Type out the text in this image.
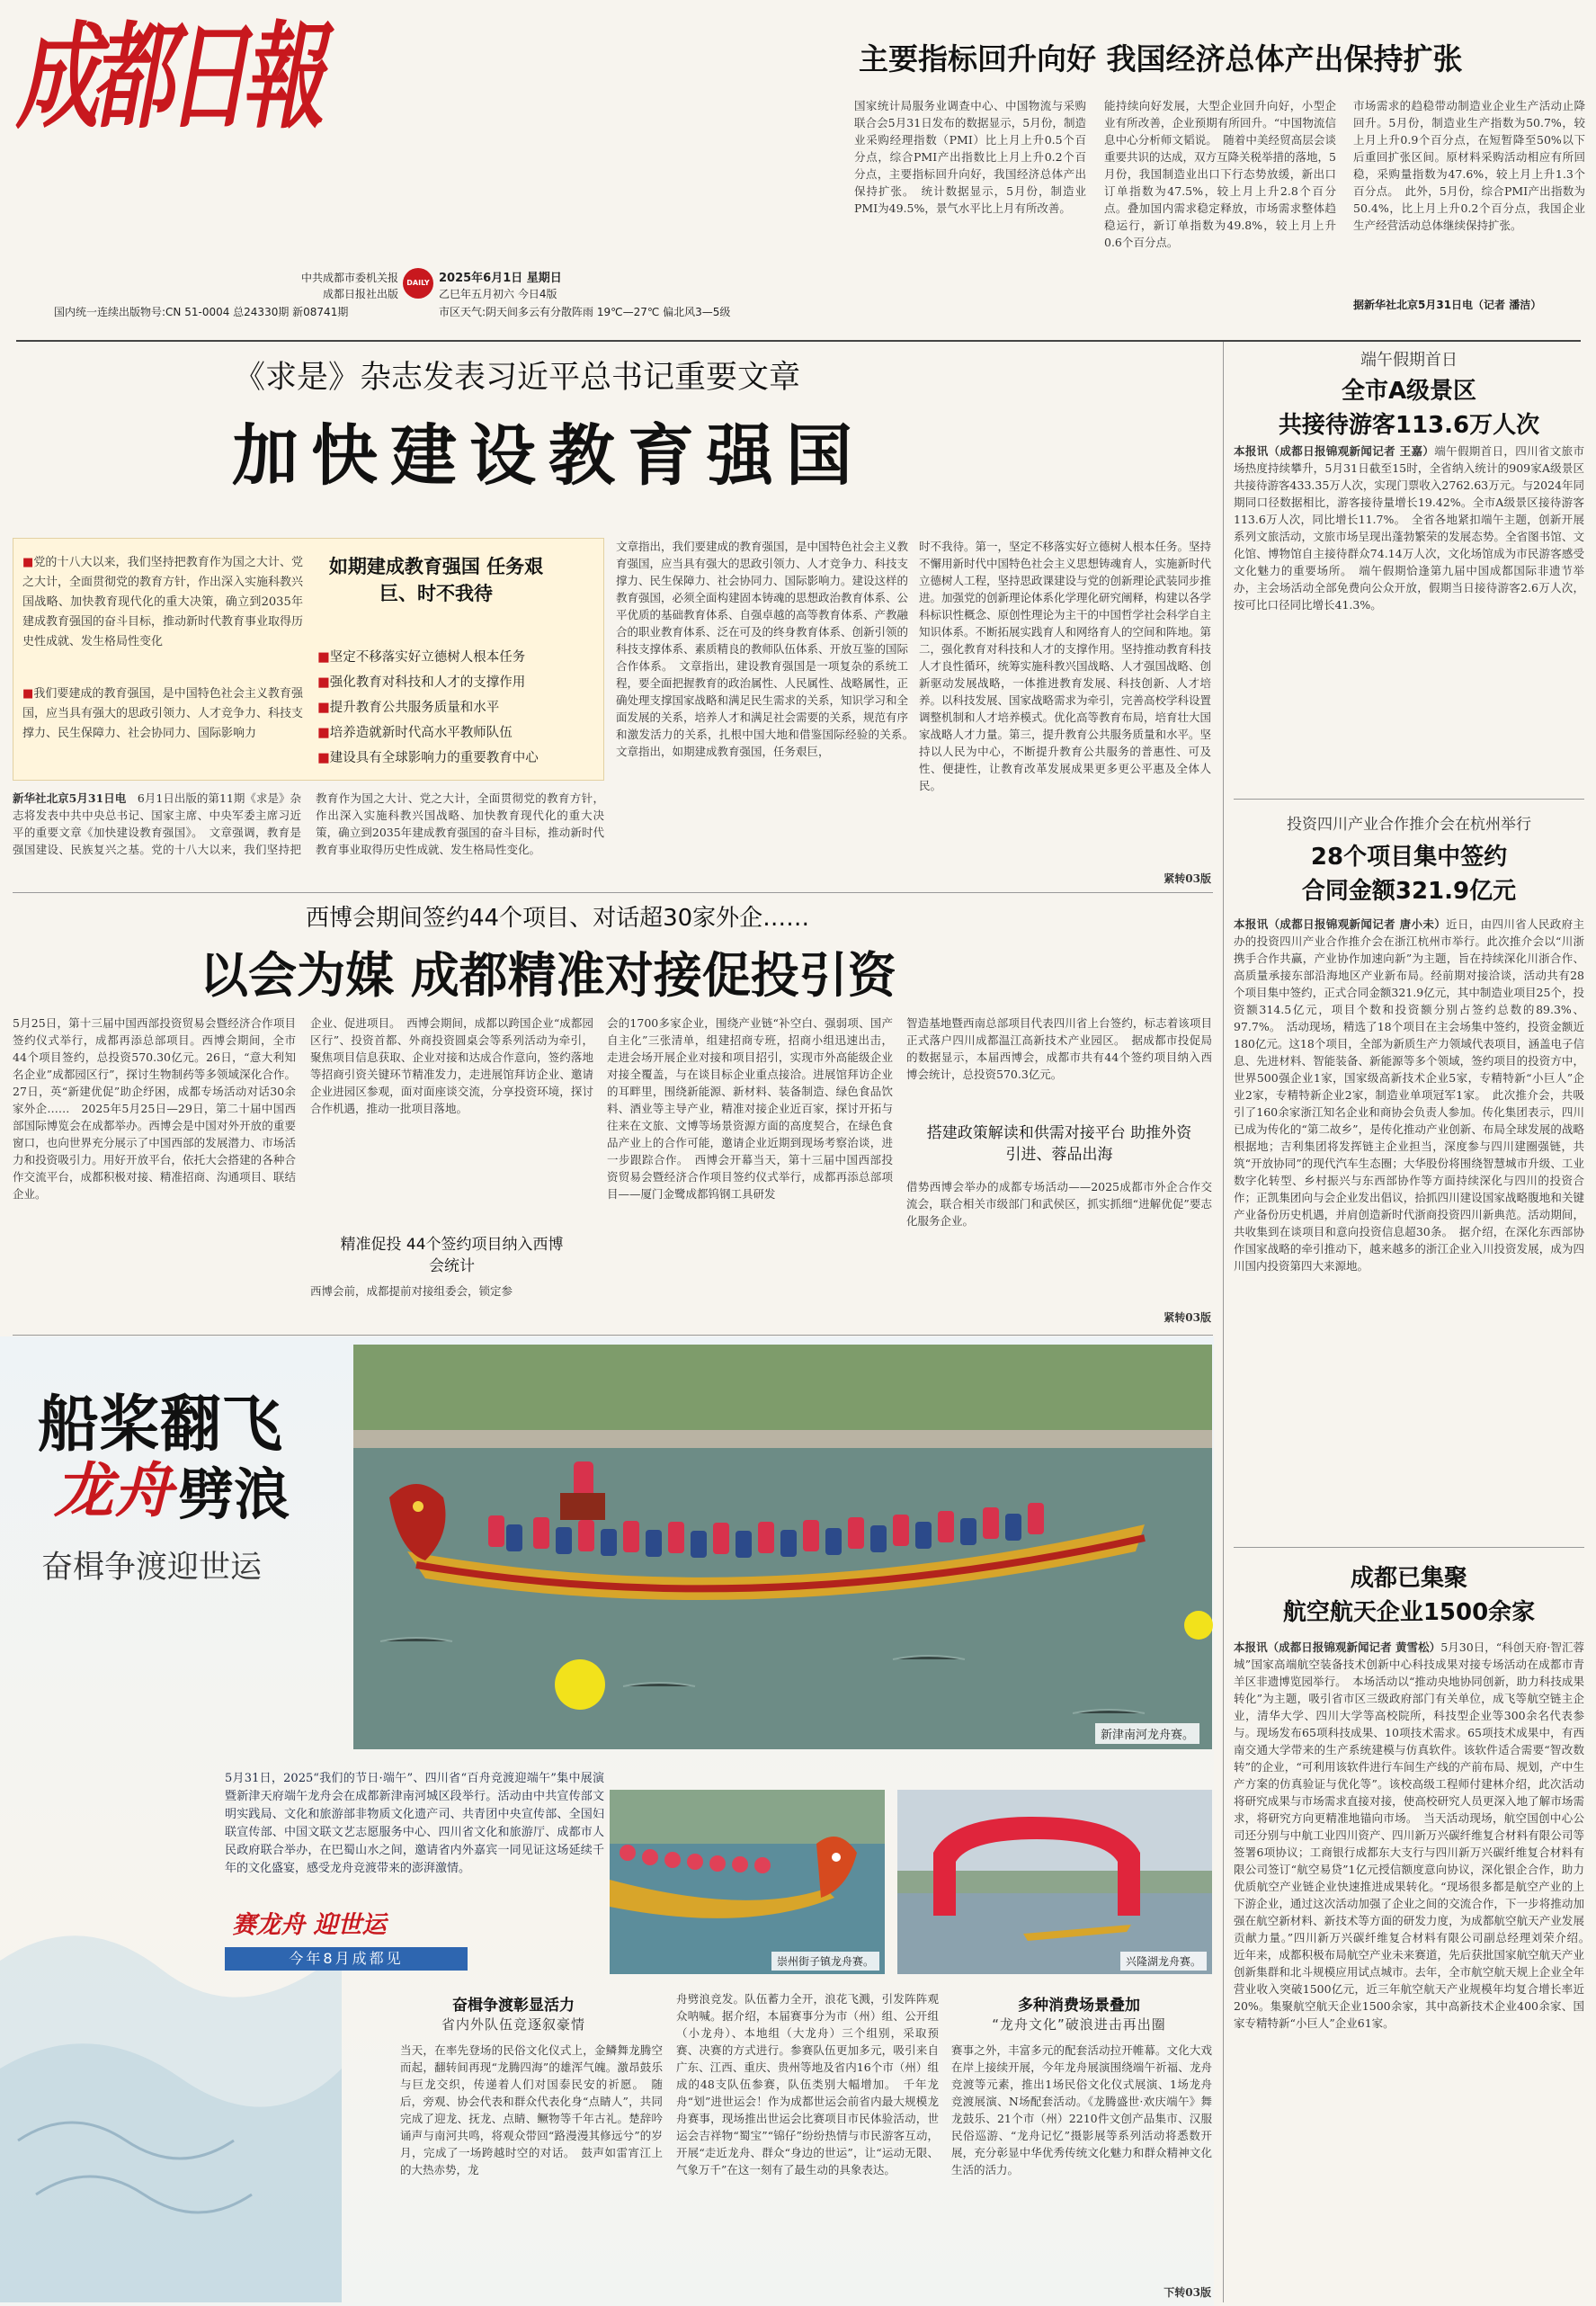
成都日報
中共成都市委机关报
成都日报社出版
DAILY 2025年6月1日 星期日
乙巳年五月初六 今日4版
国内统一连续出版物号:CN 51-0004 总24330期 新08741期	市区天气:阴天间多云有分散阵雨 19℃—27℃ 偏北风3—5级
主要指标回升向好 我国经济总体产出保持扩张
国家统计局服务业调查中心、中国物流与采购联合会5月31日发布的数据显示，5月份，制造业采购经理指数（PMI）比上月上升0.5个百分点，综合PMI产出指数比上月上升0.2个百分点，主要指标回升向好，我国经济总体产出保持扩张。　统计数据显示，5月份，制造业PMI为49.5%，景气水平比上月有所改善。
能持续向好发展，大型企业回升向好，小型企业有所改善，企业预期有所回升。“中国物流信息中心分析师文韬说。　随着中美经贸高层会谈重要共识的达成，双方互降关税举措的落地，5月份，我国制造业出口下行态势放缓，新出口订单指数为47.5%，较上月上升2.8个百分点。叠加国内需求稳定释放，市场需求整体趋稳运行，新订单指数为49.8%，较上月上升0.6个百分点。
市场需求的趋稳带动制造业企业生产活动止降回升。5月份，制造业生产指数为50.7%，较上月上升0.9个百分点，在短暂降至50%以下后重回扩张区间。原材料采购活动相应有所回稳，采购量指数为47.6%，较上月上升1.3个百分点。　此外，5月份，综合PMI产出指数为50.4%，比上月上升0.2个百分点，我国企业生产经营活动总体继续保持扩张。
据新华社北京5月31日电（记者 潘洁）
《求是》杂志发表习近平总书记重要文章
加快建设教育强国
■党的十八大以来，我们坚持把教育作为国之大计、党之大计，全面贯彻党的教育方针，作出深入实施科教兴国战略、加快教育现代化的重大决策，确立到2035年建成教育强国的奋斗目标，推动新时代教育事业取得历史性成就、发生格局性变化
■我们要建成的教育强国，是中国特色社会主义教育强国，应当具有强大的思政引领力、人才竞争力、科技支撑力、民生保障力、社会协同力、国际影响力
如期建成教育强国 任务艰巨、时不我待
■坚定不移落实好立德树人根本任务
■强化教育对科技和人才的支撑作用
■提升教育公共服务质量和水平
■培养造就新时代高水平教师队伍
■建设具有全球影响力的重要教育中心
新华社北京5月31日电　 6月1日出版的第11期《求是》杂志将发表中共中央总书记、国家主席、中央军委主席习近平的重要文章《加快建设教育强国》。　文章强调，教育是强国建设、民族复兴之基。党的十八大以来，我们坚持把教育作为国之大计、党之大计，全面贯彻党的教育方针，作出深入实施科教兴国战略、加快教育现代化的重大决策，确立到2035年建成教育强国的奋斗目标，推动新时代教育事业取得历史性成就、发生格局性变化。
文章指出，我们要建成的教育强国，是中国特色社会主义教育强国，应当具有强大的思政引领力、人才竞争力、科技支撑力、民生保障力、社会协同力、国际影响力。建设这样的教育强国，必须全面构建固本铸魂的思想政治教育体系、公平优质的基础教育体系、自强卓越的高等教育体系、产教融合的职业教育体系、泛在可及的终身教育体系、创新引领的科技支撑体系、素质精良的教师队伍体系、开放互鉴的国际合作体系。　文章指出，建设教育强国是一项复杂的系统工程，要全面把握教育的政治属性、人民属性、战略属性，正确处理支撑国家战略和满足民生需求的关系，知识学习和全面发展的关系，培养人才和满足社会需要的关系，规范有序和激发活力的关系，扎根中国大地和借鉴国际经验的关系。　文章指出，如期建成教育强国，任务艰巨，
时不我待。第一，坚定不移落实好立德树人根本任务。坚持不懈用新时代中国特色社会主义思想铸魂育人，实施新时代立德树人工程，坚持思政课建设与党的创新理论武装同步推进。加强党的创新理论体系化学理化研究阐释，构建以各学科标识性概念、原创性理论为主干的中国哲学社会科学自主知识体系。不断拓展实践育人和网络育人的空间和阵地。第二，强化教育对科技和人才的支撑作用。坚持推动教育科技人才良性循环，统筹实施科教兴国战略、人才强国战略、创新驱动发展战略，一体推进教育发展、科技创新、人才培养。以科技发展、国家战略需求为牵引，完善高校学科设置调整机制和人才培养模式。优化高等教育布局，培育壮大国家战略人才力量。第三，提升教育公共服务质量和水平。坚持以人民为中心，不断提升教育公共服务的普惠性、可及性、便捷性，让教育改革发展成果更多更公平惠及全体人民。
紧转03版
西博会期间签约44个项目、对话超30家外企……
以会为媒 成都精准对接促投引资
5月25日，第十三届中国西部投资贸易会暨经济合作项目签约仪式举行，成都再添总部项目。西博会期间，全市44个项目签约，总投资570.30亿元。26日，“意大利知名企业”成都园区行”，探讨生物制药等多领域深化合作。27日，英“新建优促”助企纾困，成都专场活动对话30余家外企……　2025年5月25日—29日，第二十届中国西部国际博览会在成都举办。西博会是中国对外开放的重要窗口，也向世界充分展示了中国西部的发展潜力、市场活力和投资吸引力。用好开放平台，依托大会搭建的各种合作交流平台，成都积极对接、精准招商、沟通项目、联结企业。
企业、促进项目。　西博会期间，成都以跨国企业“成都园区行”、投资首都、外商投资圆桌会等系列活动为牵引，聚焦项目信息获取、企业对接和达成合作意向，签约落地等招商引资关键环节精准发力，走进展馆拜访企业、邀请企业进园区参观，面对面座谈交流，分享投资环境，探讨合作机遇，推动一批项目落地。
精准促投 44个签约项目纳入西博会统计
西博会前，成都提前对接组委会，锁定参
会的1700多家企业，围绕产业链“补空白、强弱项、国产自主化”三张清单，组建招商专班，招商小组迅速出击，走进会场开展企业对接和项目招引，实现市外高能级企业对接全覆盖，与在谈目标企业重点接洽。进展馆拜访企业的耳畔里，围绕新能源、新材料、装备制造、绿色食品饮料、酒业等主导产业，精准对接企业近百家，探讨开拓与往来在文旅、文博等场景资源方面的高度契合，在绿色食品产业上的合作可能，邀请企业近期到现场考察治谈，进一步跟踪合作。　西博会开幕当天，第十三届中国西部投资贸易会暨经济合作项目签约仪式举行，成都再添总部项目——厦门金鹭成都钨钢工具研发
智造基地暨西南总部项目代表四川省上台签约，标志着该项目正式落户四川成都温江高新技术产业园区。　据成都市投促局的数据显示，本届西博会，成都市共有44个签约项目纳入西博会统计，总投资570.3亿元。
搭建政策解读和供需对接平台 助推外资引进、蓉品出海
借势西博会举办的成都专场活动——2025成都市外企合作交流会，联合相关市级部门和武侯区，抓实抓细“进解优促”要志化服务企业。
紧转03版
船桨翻飞
龙舟 劈浪
奋楫争渡迎世运
新津南河龙舟赛。
5月31日，2025“我们的节日·端午”、四川省“百舟竞渡迎端午”集中展演暨新津天府端午龙舟会在成都新津南河城区段举行。活动由中共宣传部文明实践局、文化和旅游部非物质文化遗产司、共青团中央宣传部、全国妇联宣传部、中国文联文艺志愿服务中心、四川省文化和旅游厅、成都市人民政府联合举办，在巴蜀山水之间，邀请省内外嘉宾一同见证这场延续千年的文化盛宴，感受龙舟竞渡带来的澎湃激情。
赛龙舟 迎世运
今年8月成都见	崇州街子镇龙舟赛。	兴隆湖龙舟赛。
奋楫争渡彰显活力
省内外队伍竞逐叙豪情
当天，在率先登场的民俗文化仪式上，金鳞舞龙腾空而起，翻转间再现“龙腾四海”的雄浑气魄。激昂鼓乐与巨龙交织，传递着人们对国泰民安的祈愿。　随后，旁观、协会代表和群众代表化身“点睛人”，共同完成了迎龙、抚龙、点睛、鳜物等千年古礼。楚辞吟诵声与南河共鸣，将观众带回“路漫漫其修远兮”的岁月，完成了一场跨越时空的对话。　鼓声如雷宵江上的大热赤势，龙
舟劈浪竞发。队伍蓄力全开，浪花飞溅，引发阵阵观众呐喊。据介绍，本届赛事分为市（州）组、公开组（小龙舟）、本地组（大龙舟）三个组别，采取预赛、决赛的方式进行。参赛队伍更加多元，吸引来自广东、江西、重庆、贵州等地及省内16个市（州）组成的48支队伍参赛，队伍类别大幅增加。　千年龙舟“划”进世运会！作为成都世运会前省内最大规模龙舟赛事，现场推出世运会比赛项目市民体验活动，世运会吉祥物“蜀宝”“锦仔”纷纷热情与市民游客互动，开展“走近龙舟、群众“身边的世运”，让“运动无限、气象万千”在这一刻有了最生动的具象表达。
多种消费场景叠加
“龙舟文化”破浪进击再出圈
赛事之外，丰富多元的配套活动拉开帷幕。文化大戏在岸上接续开展，今年龙舟展演围绕端午祈福、龙舟竞渡等元素，推出1场民俗文化仪式展演、1场龙舟竞渡展演、N场配套活动。《龙腾盛世·欢庆端午》舞龙鼓乐、21个市（州）2210件文创产品集市、汉服民俗巡游、“龙舟记忆”摄影展等系列活动将悉数开展，充分彰显中华优秀传统文化魅力和群众精神文化生活的活力。
下转03版
端午假期首日
全市A级景区
共接待游客113.6万人次
本报讯（成都日报锦观新闻记者 王嘉）端午假期首日，四川省文旅市场热度持续攀升，5月31日截至15时，全省纳入统计的909家A级景区共接待游客433.35万人次，实现门票收入2762.63万元。与2024年同期同口径数据相比，游客接待量增长19.42%。全市A级景区接待游客113.6万人次，同比增长11.7%。　全省各地紧扣端午主题，创新开展系列文旅活动，文旅市场呈现出蓬勃繁荣的发展态势。全省图书馆、文化馆、博物馆自主接待群众74.14万人次，文化场馆成为市民游客感受文化魅力的重要场所。　端午假期恰逢第九届中国成都国际非遗节举办，主会场活动全部免费向公众开放，假期当日接待游客2.6万人次，按可比口径同比增长41.3%。
投资四川产业合作推介会在杭州举行
28个项目集中签约
合同金额321.9亿元
本报讯（成都日报锦观新闻记者 唐小未）近日，由四川省人民政府主办的投资四川产业合作推介会在浙江杭州市举行。此次推介会以“川浙携手合作共赢，产业协作加速向新”为主题，旨在持续深化川浙合作、高质量承接东部沿海地区产业新布局。经前期对接洽谈，活动共有28个项目集中签约，正式合同金额321.9亿元，其中制造业项目25个，投资额314.5亿元，项目个数和投资额分别占签约总数的89.3%、97.7%。　活动现场，精选了18个项目在主会场集中签约，投资金额近180亿元。这18个项目，全部为新质生产力领域代表项目，涵盖电子信息、先进材料、智能装备、新能源等多个领域，签约项目的投资方中，世界500强企业1家，国家级高新技术企业5家，专精特新“小巨人”企业2家，专精特新企业2家，制造业单项冠军1家。　此次推介会，共吸引了160余家浙江知名企业和商协会负责人参加。传化集团表示，四川已成为传化的“第二故乡”，是传化推动产业创新、布局全球发展的战略根据地；吉利集团将发挥链主企业担当，深度参与四川建圈强链，共筑“开放协同”的现代汽车生态圈；大华股份将围绕智慧城市升级、工业数字化转型、乡村振兴与东西部协作等方面持续深化与四川的投资合作；正凯集团向与会企业发出倡议，拾抓四川建设国家战略腹地和关键产业备份历史机遇，并肩创造新时代浙商投资四川新典范。活动期间，共收集到在谈项目和意向投资信息超30条。　据介绍，在深化东西部协作国家战略的牵引推动下，越来越多的浙江企业入川投资发展，成为四川国内投资第四大来源地。
成都已集聚
航空航天企业1500余家
本报讯（成都日报锦观新闻记者 黄雪松）5月30日，“科创天府·智汇蓉城”国家高端航空装备技术创新中心科技成果对接专场活动在成都市青羊区非遗博览园举行。　本场活动以“推动央地协同创新，助力科技成果转化”为主题，吸引省市区三级政府部门有关单位，成飞等航空链主企业，清华大学、四川大学等高校院所，科技型企业等300余名代表参与。现场发布65项科技成果、10项技术需求。65项技术成果中，有西南交通大学带来的生产系统建模与仿真软件。该软件适合需要“智改数转”的企业，“可利用该软件进行车间生产线的产前布局、规划，产中生产方案的仿真验证与优化等”。该校高级工程师付建林介绍，此次活动将研究成果与市场需求直接对接，使高校研究人员更深入地了解市场需求，将研究方向更精准地锚向市场。　当天活动现场，航空国创中心公司还分别与中航工业四川资产、四川新万兴碳纤维复合材料有限公司等签署6项协议；工商银行成都东大支行与四川新万兴碳纤维复合材料有限公司签订“航空易贷”1亿元授信额度意向协议，深化银企合作，助力优质航空产业链企业快速推进成果转化。“现场很多都是航空产业的上下游企业，通过这次活动加强了企业之间的交流合作，下一步将推动加强在航空新材料、新技术等方面的研发力度，为成都航空航天产业发展贡献力量。”四川新万兴碳纤维复合材料有限公司副总经理刘荣介绍。　近年来，成都积极布局航空产业未来赛道，先后获批国家航空航天产业创新集群和北斗规模应用试点城市。去年，全市航空航天规上企业全年营业收入突破1500亿元，近三年航空航天产业规模年均复合增长率近20%。集聚航空航天企业1500余家，其中高新技术企业400余家、国家专精特新“小巨人”企业61家。
